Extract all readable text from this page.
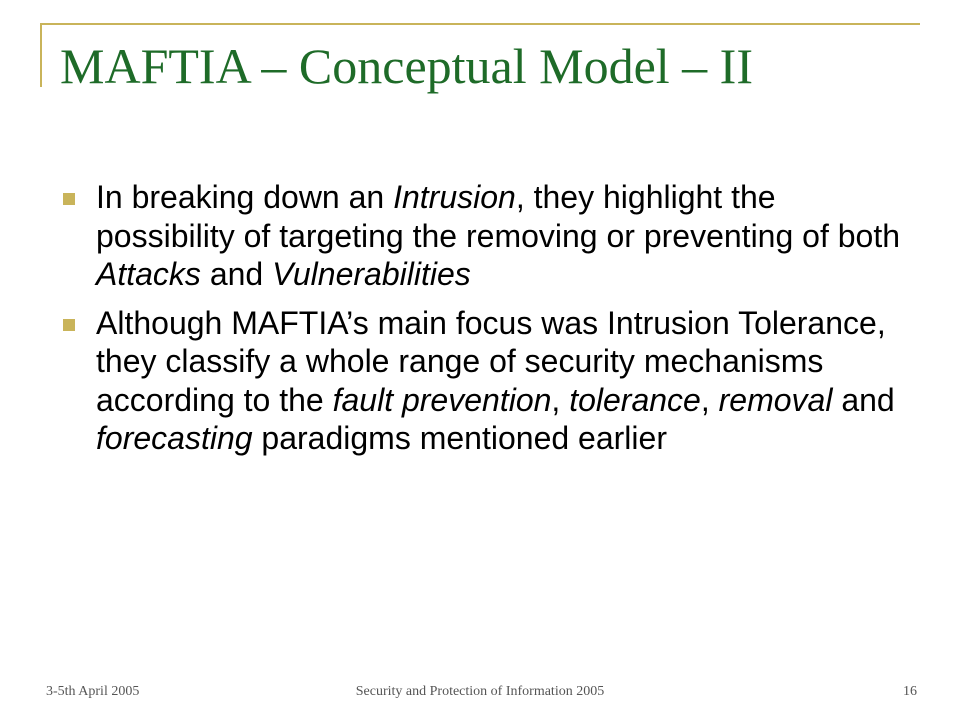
MAFTIA – Conceptual Model – II
In breaking down an Intrusion, they highlight the possibility of targeting the removing or preventing of both Attacks and Vulnerabilities
Although MAFTIA’s main focus was Intrusion Tolerance, they classify a whole range of security mechanisms according to the fault prevention, tolerance, removal and forecasting paradigms mentioned earlier
3-5th April 2005	Security and Protection of Information 2005	16
